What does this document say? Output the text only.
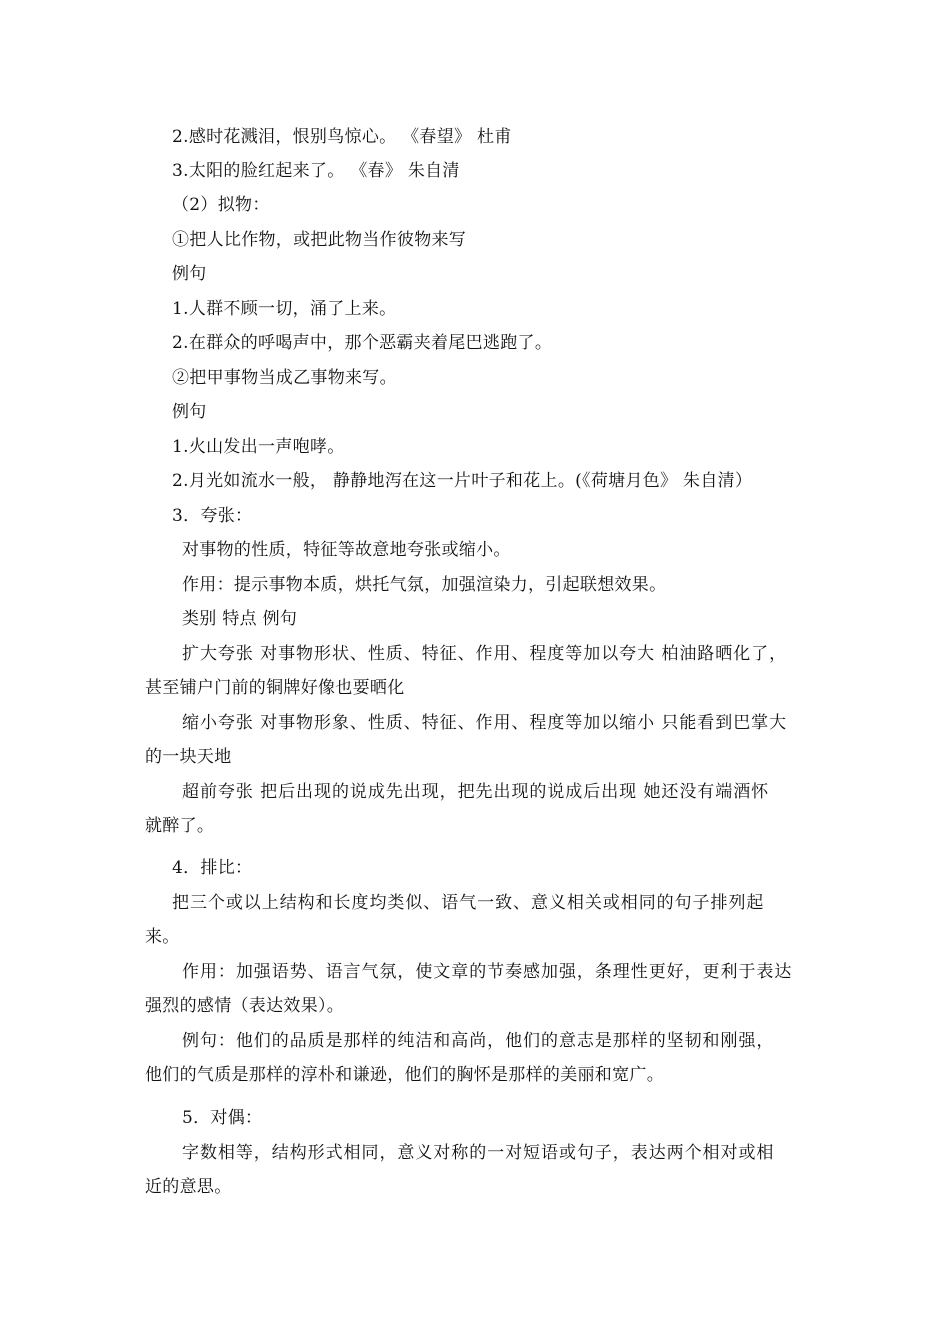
2.感时花溅泪，恨别鸟惊心。 《春望》 杜甫
3.太阳的脸红起来了。 《春》 朱自清
（2）拟物：
①把人比作物，或把此物当作彼物来写
例句
1.人群不顾一切，涌了上来。
2.在群众的呼喝声中，那个恶霸夹着尾巴逃跑了。
②把甲事物当成乙事物来写。
例句
1.火山发出一声咆哮。
2.月光如流水一般， 静静地泻在这一片叶子和花上。(《荷塘月色》 朱自清）
3．夸张：
对事物的性质，特征等故意地夸张或缩小。
作用：提示事物本质，烘托气氛，加强渲染力，引起联想效果。
类别 特点 例句
扩大夸张 对事物形状、性质、特征、作用、程度等加以夸大 柏油路晒化了，
甚至铺户门前的铜牌好像也要晒化
缩小夸张 对事物形象、性质、特征、作用、程度等加以缩小 只能看到巴掌大
的一块天地
超前夸张 把后出现的说成先出现，把先出现的说成后出现 她还没有端酒怀
就醉了。
4．排比：
把三个或以上结构和长度均类似、语气一致、意义相关或相同的句子排列起
来。
作用：加强语势、语言气氛，使文章的节奏感加强，条理性更好，更利于表达
强烈的感情（表达效果）。
例句：他们的品质是那样的纯洁和高尚，他们的意志是那样的坚韧和刚强，
他们的气质是那样的淳朴和谦逊，他们的胸怀是那样的美丽和宽广。
5．对偶：
字数相等，结构形式相同，意义对称的一对短语或句子，表达两个相对或相
近的意思。
